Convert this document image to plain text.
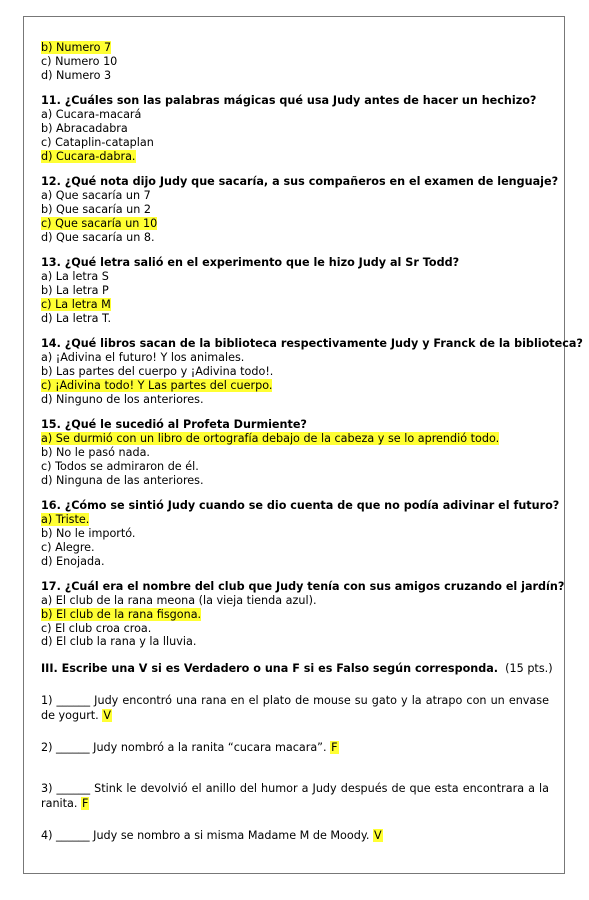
b) Numero 7
c) Numero 10
d) Numero 3
11. ¿Cuáles son las palabras mágicas qué usa Judy antes de hacer un hechizo?
a) Cucara-macará
b) Abracadabra
c) Cataplin-cataplan
d) Cucara-dabra.
12. ¿Qué nota dijo Judy que sacaría, a sus compañeros en el examen de lenguaje?
a) Que sacaría un 7
b) Que sacaría un 2
c) Que sacaría un 10
d) Que sacaría un 8.
13. ¿Qué letra salió en el experimento que le hizo Judy al Sr Todd?
a) La letra S
b) La letra P
c) La letra M
d) La letra T.
14. ¿Qué libros sacan de la biblioteca respectivamente Judy y Franck de la biblioteca?
a) ¡Adivina el futuro! Y los animales.
b) Las partes del cuerpo y ¡Adivina todo!.
c) ¡Adivina todo! Y Las partes del cuerpo.
d) Ninguno de los anteriores.
15. ¿Qué le sucedió al Profeta Durmiente?
a) Se durmió con un libro de ortografía debajo de la cabeza y se lo aprendió todo.
b) No le pasó nada.
c) Todos se admiraron de él.
d) Ninguna de las anteriores.
16. ¿Cómo se sintió Judy cuando se dio cuenta de que no podía adivinar el futuro?
a) Triste.
b) No le importó.
c) Alegre.
d) Enojada.
17. ¿Cuál era el nombre del club que Judy tenía con sus amigos cruzando el jardín?
a) El club de la rana meona (la vieja tienda azul).
b) El club de la rana fisgona.
c) El club croa croa.
d) El club la rana y la lluvia.
III. Escribe una V si es Verdadero o una F si es Falso según corresponda. (15 pts.)
1) ______ Judy encontró una rana en el plato de mouse su gato y la atrapo con un envase de yogurt. V
2) ______ Judy nombró a la ranita “cucara macara”. F
3) ______ Stink le devolvió el anillo del humor a Judy después de que esta encontrara a la ranita. F
4) ______ Judy se nombro a si misma Madame M de Moody. V
